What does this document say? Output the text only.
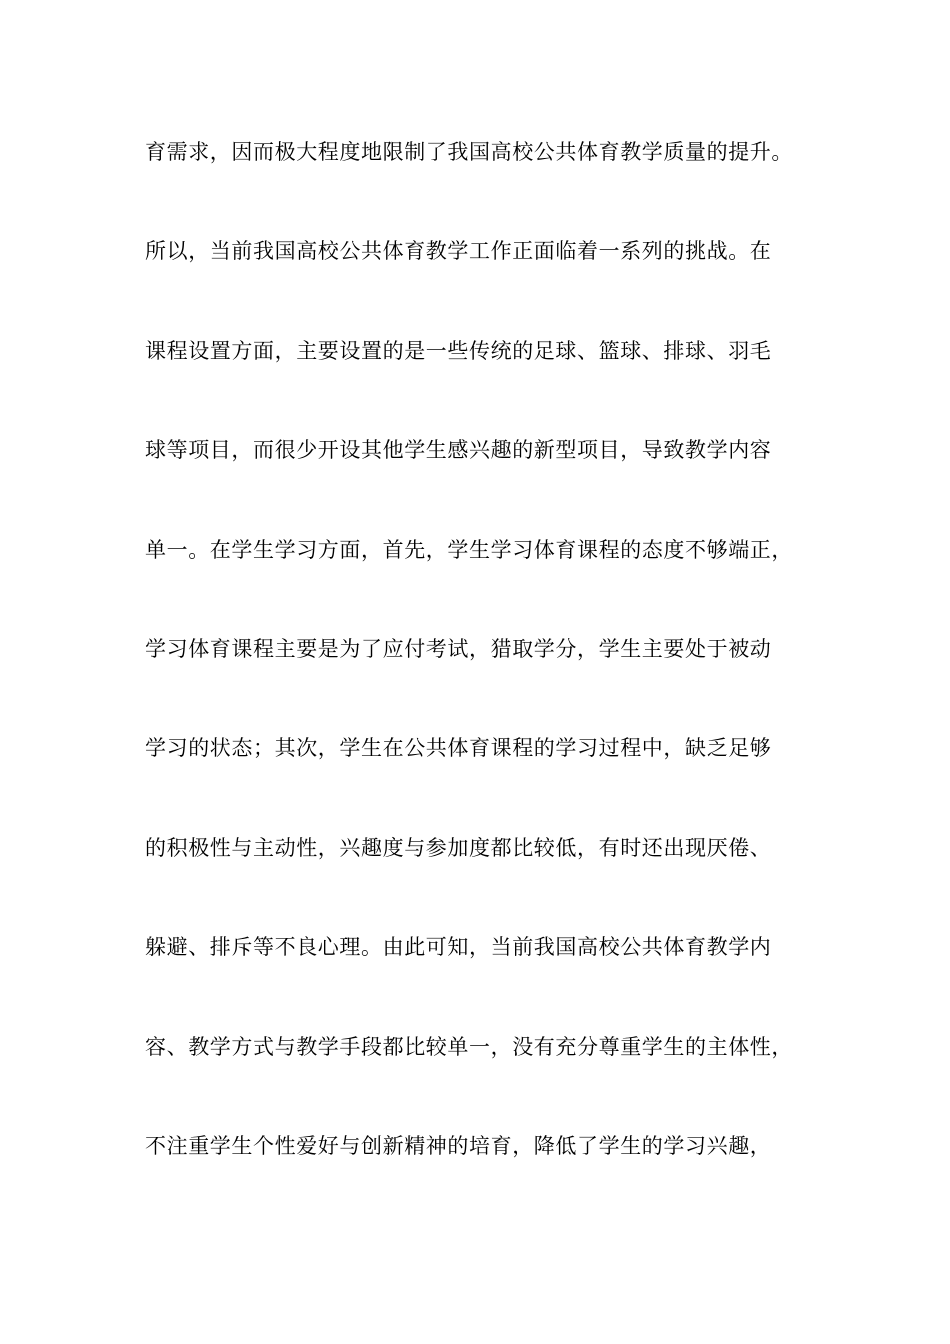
育需求，因而极大程度地限制了我国高校公共体育教学质量的提升。
所以，当前我国高校公共体育教学工作正面临着一系列的挑战。在
课程设置方面，主要设置的是一些传统的足球、篮球、排球、羽毛
球等项目，而很少开设其他学生感兴趣的新型项目，导致教学内容
单一。在学生学习方面，首先，学生学习体育课程的态度不够端正，
学习体育课程主要是为了应付考试，猎取学分，学生主要处于被动
学习的状态；其次，学生在公共体育课程的学习过程中，缺乏足够
的积极性与主动性，兴趣度与参加度都比较低，有时还出现厌倦、
躲避、排斥等不良心理。由此可知，当前我国高校公共体育教学内
容、教学方式与教学手段都比较单一，没有充分尊重学生的主体性，
不注重学生个性爱好与创新精神的培育，降低了学生的学习兴趣，
